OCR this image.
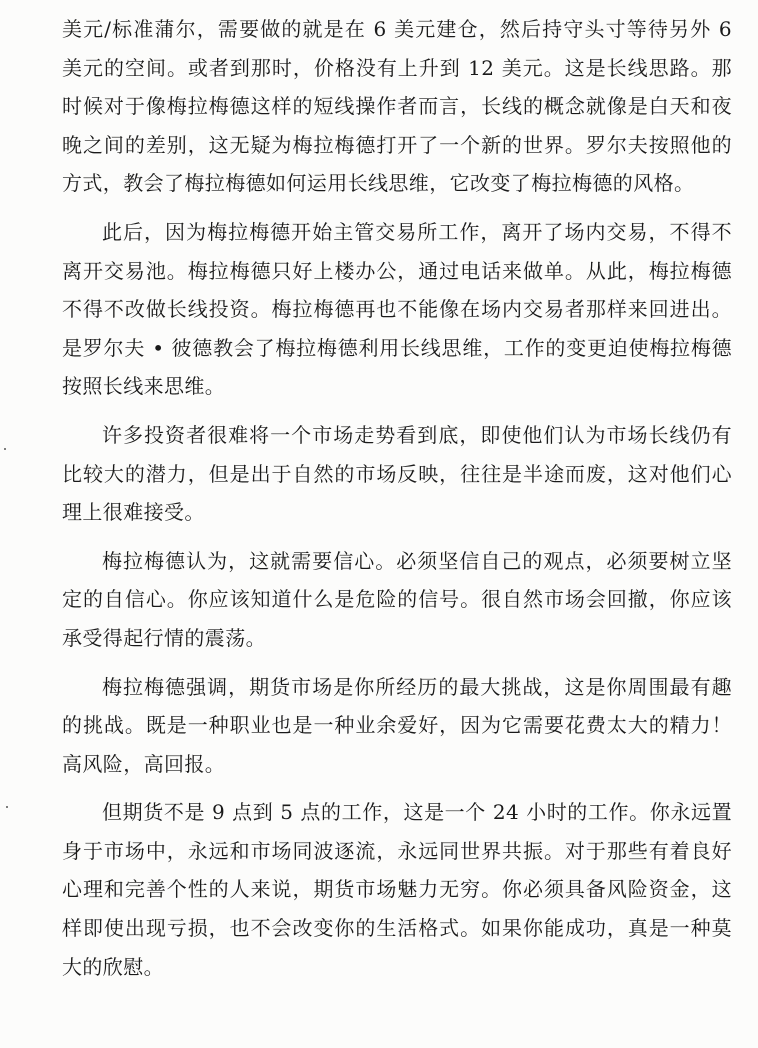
美元/标准蒲尔，需要做的就是在 6 美元建仓，然后持守头寸等待另外 6 美元的空间。或者到那时，价格没有上升到 12 美元。这是长线思路。那时候对于像梅拉梅德这样的短线操作者而言，长线的概念就像是白天和夜晚之间的差别，这无疑为梅拉梅德打开了一个新的世界。罗尔夫按照他的方式，教会了梅拉梅德如何运用长线思维，它改变了梅拉梅德的风格。

此后，因为梅拉梅德开始主管交易所工作，离开了场内交易，不得不离开交易池。梅拉梅德只好上楼办公，通过电话来做单。从此，梅拉梅德不得不改做长线投资。梅拉梅德再也不能像在场内交易者那样来回进出。是罗尔夫 • 彼德教会了梅拉梅德利用长线思维，工作的变更迫使梅拉梅德按照长线来思维。

许多投资者很难将一个市场走势看到底，即使他们认为市场长线仍有比较大的潜力，但是出于自然的市场反映，往往是半途而废，这对他们心理上很难接受。

梅拉梅德认为，这就需要信心。必须坚信自己的观点，必须要树立坚定的自信心。你应该知道什么是危险的信号。很自然市场会回撤，你应该承受得起行情的震荡。

梅拉梅德强调，期货市场是你所经历的最大挑战，这是你周围最有趣的挑战。既是一种职业也是一种业余爱好，因为它需要花费太大的精力！高风险，高回报。

但期货不是 9 点到 5 点的工作，这是一个 24 小时的工作。你永远置身于市场中，永远和市场同波逐流，永远同世界共振。对于那些有着良好心理和完善个性的人来说，期货市场魅力无穷。你必须具备风险资金，这样即使出现亏损，也不会改变你的生活格式。如果你能成功，真是一种莫大的欣慰。
